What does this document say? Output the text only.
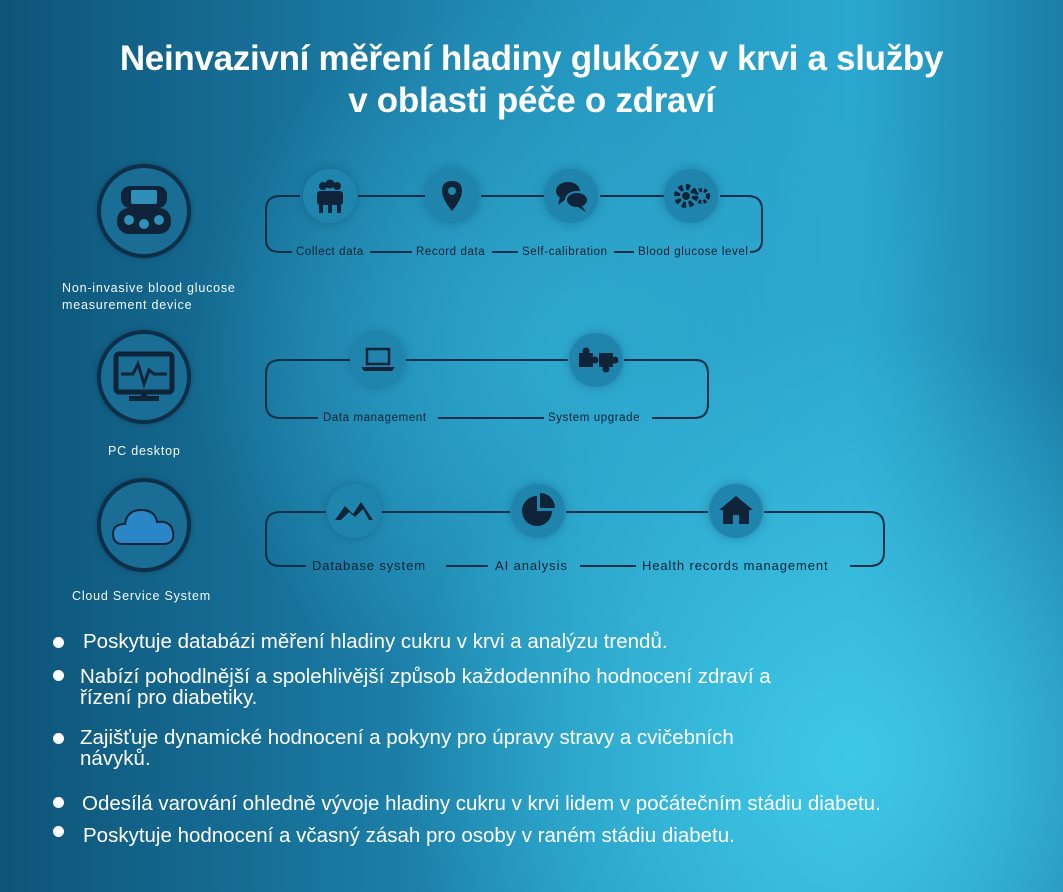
Neinvazivní měření hladiny glukózy v krvi a služby
v oblasti péče o zdraví
Non-invasive blood glucose
measurement device
PC desktop
Cloud Service System
Collect data	Record data	Self-calibration	Blood glucose level
Data management	System upgrade
Database system	AI analysis	Health records management
Poskytuje databázi měření hladiny cukru v krvi a analýzu trendů.
Nabízí pohodlnější a spolehlivější způsob každodenního hodnocení zdraví a
řízení pro diabetiky.
Zajišťuje dynamické hodnocení a pokyny pro úpravy stravy a cvičebních
návyků.
Odesílá varování ohledně vývoje hladiny cukru v krvi lidem v počátečním stádiu diabetu.
Poskytuje hodnocení a včasný zásah pro osoby v raném stádiu diabetu.
